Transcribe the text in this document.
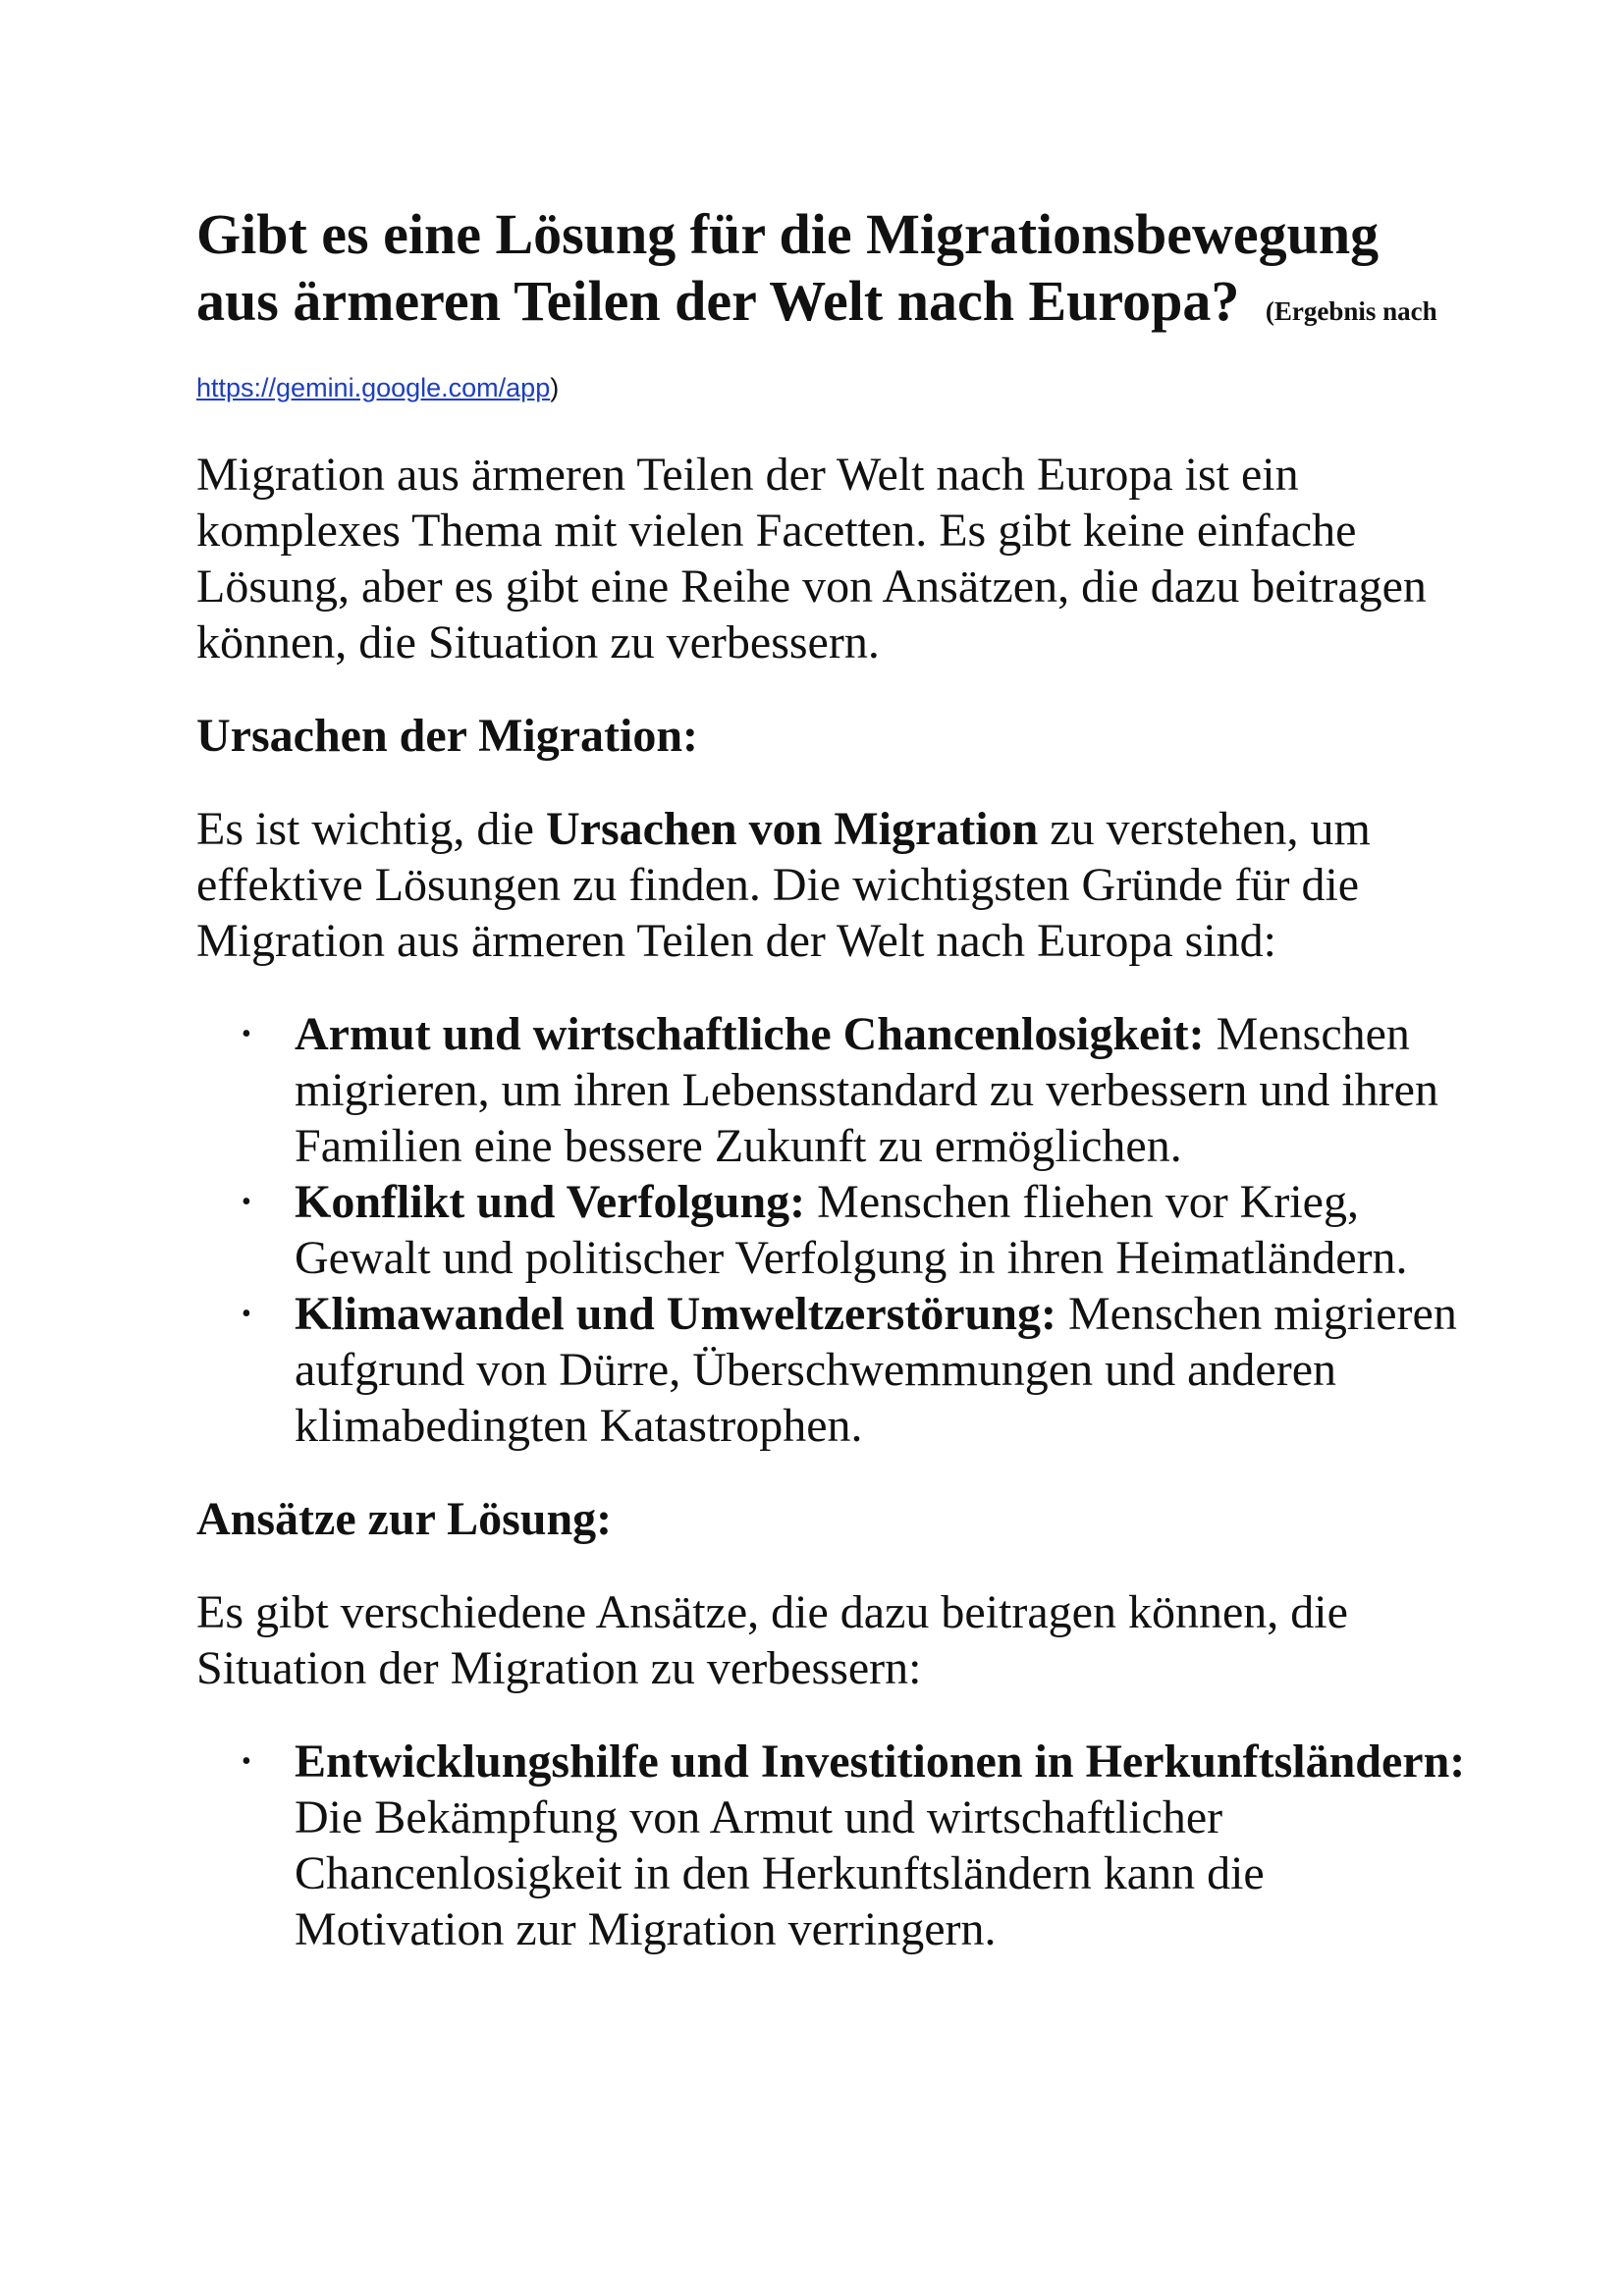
Gibt es eine Lösung für die Migrationsbewegung aus ärmeren Teilen der Welt nach Europa? (Ergebnis nach https://gemini.google.com/app)

Migration aus ärmeren Teilen der Welt nach Europa ist ein komplexes Thema mit vielen Facetten. Es gibt keine einfache Lösung, aber es gibt eine Reihe von Ansätzen, die dazu beitragen können, die Situation zu verbessern.

Ursachen der Migration:

Es ist wichtig, die Ursachen von Migration zu verstehen, um effektive Lösungen zu finden. Die wichtigsten Gründe für die Migration aus ärmeren Teilen der Welt nach Europa sind:

• Armut und wirtschaftliche Chancenlosigkeit: Menschen migrieren, um ihren Lebensstandard zu verbessern und ihren Familien eine bessere Zukunft zu ermöglichen.
• Konflikt und Verfolgung: Menschen fliehen vor Krieg, Gewalt und politischer Verfolgung in ihren Heimatländern.
• Klimawandel und Umweltzerstörung: Menschen migrieren aufgrund von Dürre, Überschwemmungen und anderen klimabedingten Katastrophen.
Ansätze zur Lösung:

Es gibt verschiedene Ansätze, die dazu beitragen können, die Situation der Migration zu verbessern:

• Entwicklungshilfe und Investitionen in Herkunftsländern: Die Bekämpfung von Armut und wirtschaftlicher Chancenlosigkeit in den Herkunftsländern kann die Motivation zur Migration verringern.
